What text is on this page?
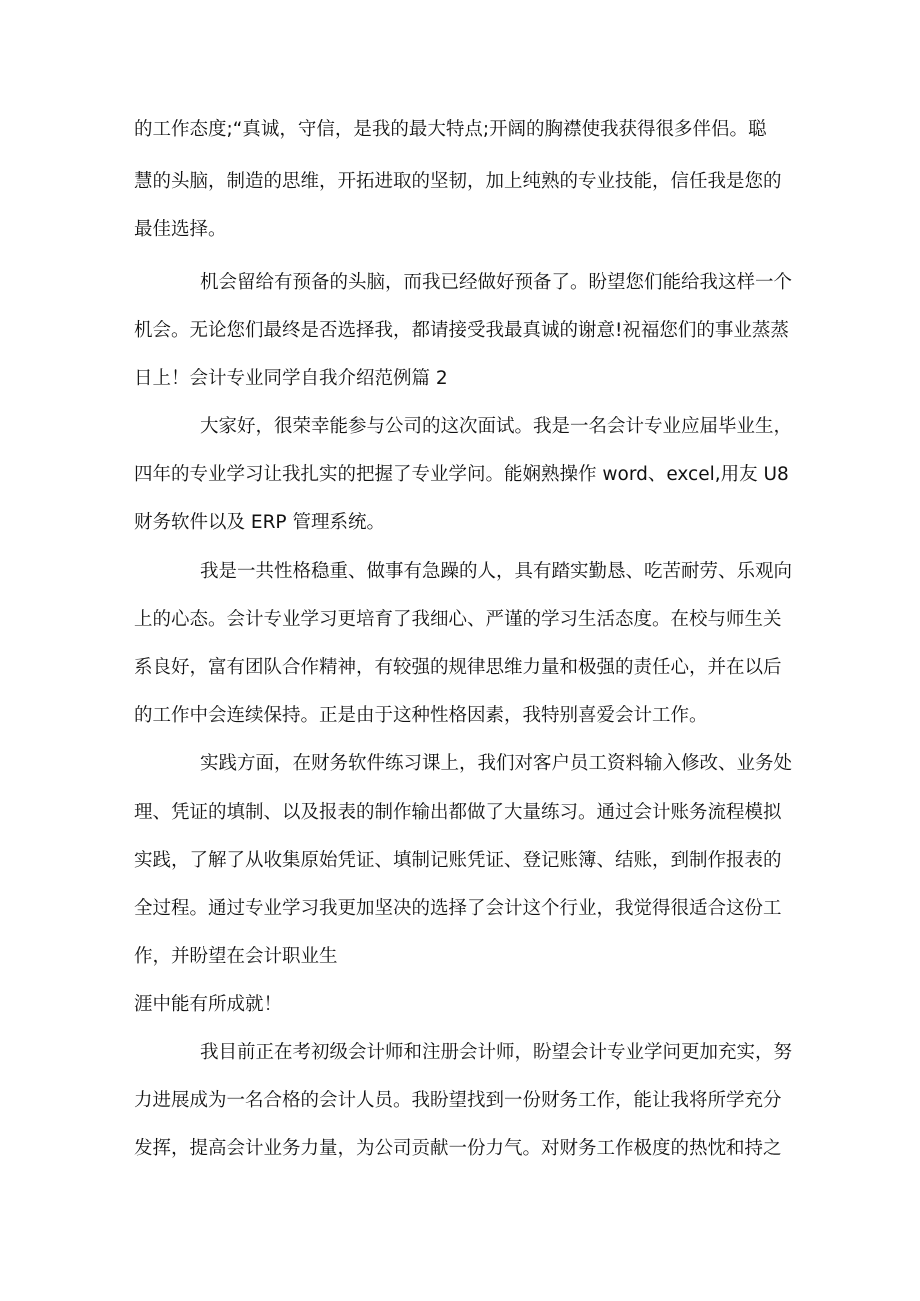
的工作态度;“真诚，守信，是我的最大特点;开阔的胸襟使我获得很多伴侣。聪

慧的头脑，制造的思维，开拓进取的坚韧，加上纯熟的专业技能，信任我是您的

最佳选择。

机会留给有预备的头脑，而我已经做好预备了。盼望您们能给我这样一个

机会。无论您们最终是否选择我，都请接受我最真诚的谢意!祝福您们的事业蒸蒸

日上！会计专业同学自我介绍范例篇 2

大家好，很荣幸能参与公司的这次面试。我是一名会计专业应届毕业生，

四年的专业学习让我扎实的把握了专业学问。能娴熟操作 word、excel,用友 U8

财务软件以及 ERP 管理系统。

我是一共性格稳重、做事有急躁的人，具有踏实勤恳、吃苦耐劳、乐观向

上的心态。会计专业学习更培育了我细心、严谨的学习生活态度。在校与师生关

系良好，富有团队合作精神，有较强的规律思维力量和极强的责任心，并在以后

的工作中会连续保持。正是由于这种性格因素，我特别喜爱会计工作。

实践方面，在财务软件练习课上，我们对客户员工资料输入修改、业务处

理、凭证的填制、以及报表的制作输出都做了大量练习。通过会计账务流程模拟

实践，了解了从收集原始凭证、填制记账凭证、登记账簿、结账，到制作报表的

全过程。通过专业学习我更加坚决的选择了会计这个行业，我觉得很适合这份工

作，并盼望在会计职业生

涯中能有所成就！

我目前正在考初级会计师和注册会计师，盼望会计专业学问更加充实，努

力进展成为一名合格的会计人员。我盼望找到一份财务工作，能让我将所学充分

发挥，提高会计业务力量，为公司贡献一份力气。对财务工作极度的热忱和持之
